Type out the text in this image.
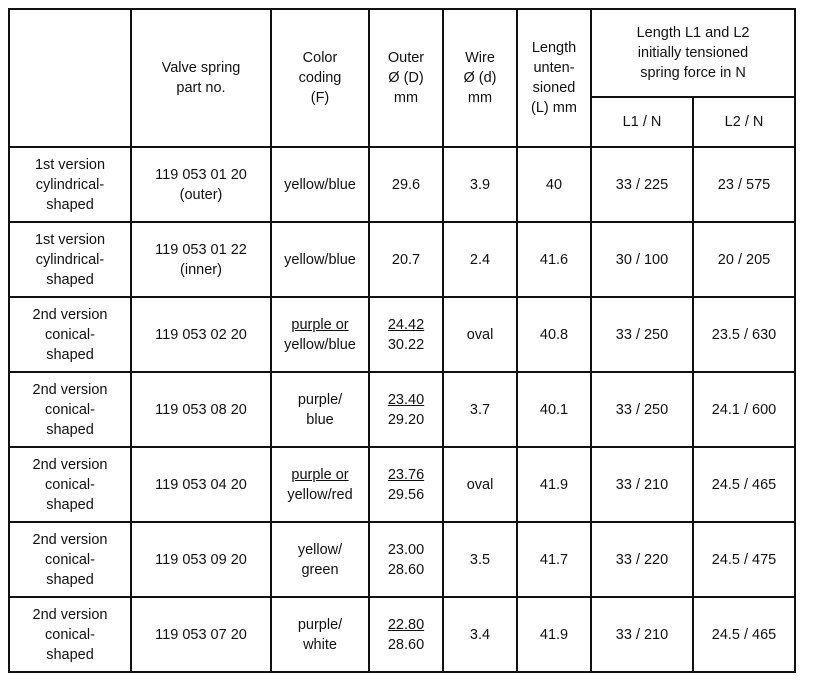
	Valve spring
part no.	Color
coding
(F)	Outer
Ø (D)
mm	Wire
Ø (d)
mm	Length
unten-
sioned
(L) mm	Length L1 and L2
initially tensioned
spring force in N	
						L1 / N	L2 / N
1st version
cylindrical-
shaped	119 053 01 20
(outer)	yellow/blue	29.6	3.9	40	33 / 225	23 / 575
1st version
cylindrical-
shaped	119 053 01 22
(inner)	yellow/blue	20.7	2.4	41.6	30 / 100	20 / 205
2nd version
conical-
shaped	119 053 02 20	purple or
yellow/blue	24.42
30.22	oval	40.8	33 / 250	23.5 / 630
2nd version
conical-
shaped	119 053 08 20	purple/
blue	23.40
29.20	3.7	40.1	33 / 250	24.1 / 600
2nd version
conical-
shaped	119 053 04 20	purple or
yellow/red	23.76
29.56	oval	41.9	33 / 210	24.5 / 465
2nd version
conical-
shaped	119 053 09 20	yellow/
green	23.00
28.60	3.5	41.7	33 / 220	24.5 / 475
2nd version
conical-
shaped	119 053 07 20	purple/
white	22.80
28.60	3.4	41.9	33 / 210	24.5 / 465
